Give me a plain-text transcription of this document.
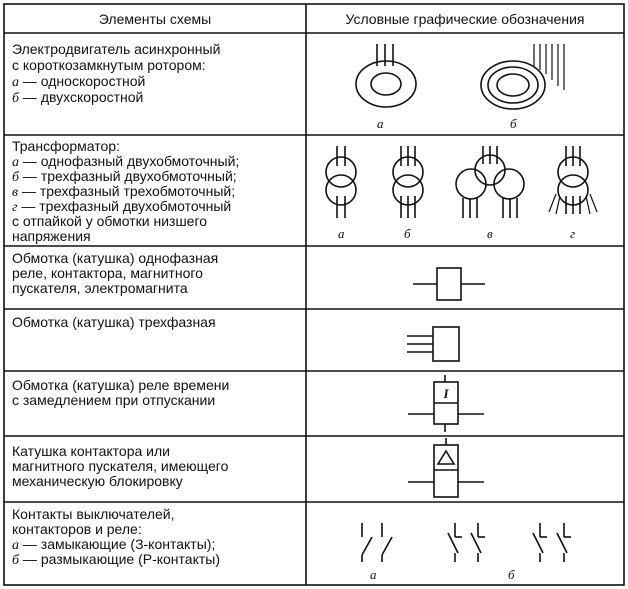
Элементы схемы	Условные графические обозначения
Электродвигатель асинхронный
с короткозамкнутым ротором:
а — односкоростной
б — двухскоростной
а	б
Трансформатор:
а — однофазный двухобмоточный;
б — трехфазный двухобмоточный;
в — трехфазный трехобмоточный;
г — трехфазный двухобмоточный
с отпайкой у обмотки низшего
напряжения	а	б	в	г
Обмотка (катушка) однофазная
реле, контактора, магнитного
пускателя, электромагнита
Обмотка (катушка) трехфазная
Обмотка (катушка) реле времени
с замедлением при отпускании	I
Катушка контактора или
магнитного пускателя, имеющего
механическую блокировку
Контакты выключателей,
контакторов и реле:
а — замыкающие (З-контакты);
б — размыкающие (Р-контакты)
а	б
